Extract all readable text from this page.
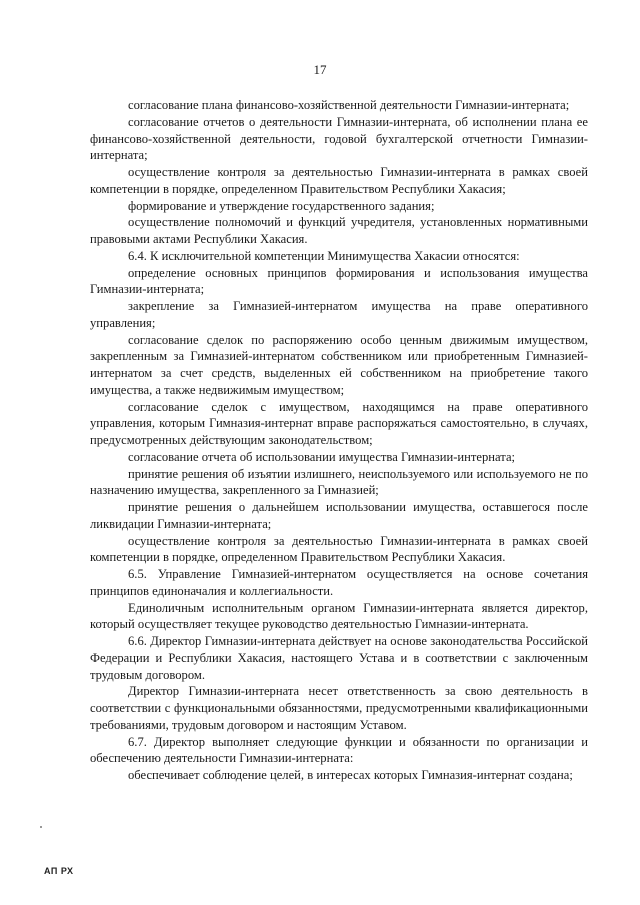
17

согласование плана финансово-хозяйственной деятельности Гимназии-интерната;

согласование отчетов о деятельности Гимназии-интерната, об исполнении плана ее финансово-хозяйственной деятельности, годовой бухгалтерской отчетности Гимназии-интерната;

осуществление контроля за деятельностью Гимназии-интерната в рамках своей компетенции в порядке, определенном Правительством Республики Хакасия;

формирование и утверждение государственного задания;

осуществление полномочий и функций учредителя, установленных нормативными правовыми актами Республики Хакасия.

6.4. К исключительной компетенции Минимущества Хакасии относятся:

определение основных принципов формирования и использования имущества Гимназии-интерната;

закрепление за Гимназией-интернатом имущества на праве оперативного управления;

согласование сделок по распоряжению особо ценным движимым имуществом, закрепленным за Гимназией-интернатом собственником или приобретенным Гимназией-интернатом за счет средств, выделенных ей собственником на приобретение такого имущества, а также недвижимым имуществом;

согласование сделок с имуществом, находящимся на праве оперативного управления, которым Гимназия-интернат вправе распоряжаться самостоятельно, в случаях, предусмотренных действующим законодательством;

согласование отчета об использовании имущества Гимназии-интерната;

принятие решения об изъятии излишнего, неиспользуемого или используемого не по назначению имущества, закрепленного за Гимназией;

принятие решения о дальнейшем использовании имущества, оставшегося после ликвидации Гимназии-интерната;

осуществление контроля за деятельностью Гимназии-интерната в рамках своей компетенции в порядке, определенном Правительством Республики Хакасия.

6.5. Управление Гимназией-интернатом осуществляется на основе сочетания принципов единоначалия и коллегиальности.

Единоличным исполнительным органом Гимназии-интерната является директор, который осуществляет текущее руководство деятельностью Гимназии-интерната.

6.6. Директор Гимназии-интерната действует на основе законодательства Российской Федерации и Республики Хакасия, настоящего Устава и в соответствии с заключенным трудовым договором.

Директор Гимназии-интерната несет ответственность за свою деятельность в соответствии с функциональными обязанностями, предусмотренными квалификационными требованиями, трудовым договором и настоящим Уставом.

6.7. Директор выполняет следующие функции и обязанности по организации и обеспечению деятельности Гимназии-интерната:

обеспечивает соблюдение целей, в интересах которых Гимназия-интернат создана;

АП РХ
